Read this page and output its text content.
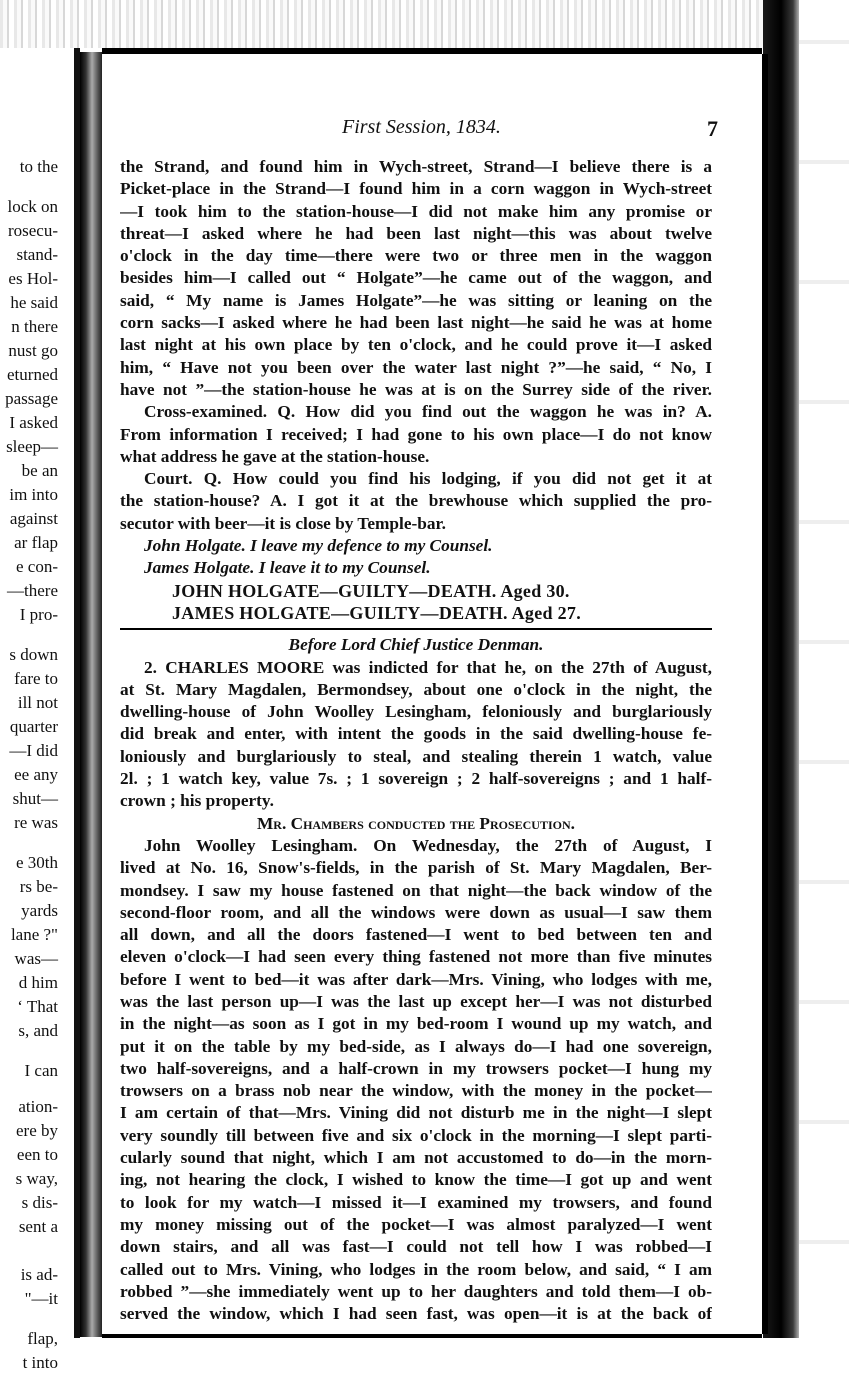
to the
lock on
rosecu-
stand-
es Hol-
he said
n there
nust go
eturned
passage
I asked
sleep—
be an
im into
against
ar flap
e con-
—there
I pro-
s down
fare to
ill not
quarter
—I did
ee any
shut—
re was
e 30th
rs be-
yards
lane ?"
was—
d him
‘ That
s, and
I can
ation-
ere by
een to
s way,
s dis-
sent a
is ad-
"—it
flap,
t into
First Session, 1834.	7
the Strand, and found him in Wych-street, Strand—I believe there is a
Picket-place in the Strand—I found him in a corn waggon in Wych-street
—I took him to the station-house—I did not make him any promise or
threat—I asked where he had been last night—this was about twelve
o'clock in the day time—there were two or three men in the waggon
besides him—I called out “ Holgate”—he came out of the waggon, and
said, “ My name is James Holgate”—he was sitting or leaning on the
corn sacks—I asked where he had been last night—he said he was at home
last night at his own place by ten o'clock, and he could prove it—I asked
him, “ Have not you been over the water last night ?”—he said, “ No, I
have not ”—the station-house he was at is on the Surrey side of the river.
Cross-examined. Q. How did you find out the waggon he was in? A.
From information I received; I had gone to his own place—I do not know
what address he gave at the station-house.
Court. Q. How could you find his lodging, if you did not get it at
the station-house? A. I got it at the brewhouse which supplied the pro-
secutor with beer—it is close by Temple-bar.
John Holgate. I leave my defence to my Counsel.
James Holgate. I leave it to my Counsel.
JOHN HOLGATE—GUILTY—DEATH. Aged 30.
JAMES HOLGATE—GUILTY—DEATH. Aged 27.
Before Lord Chief Justice Denman.
2. CHARLES MOORE was indicted for that he, on the 27th of August,
at St. Mary Magdalen, Bermondsey, about one o'clock in the night, the
dwelling-house of John Woolley Lesingham, feloniously and burglariously
did break and enter, with intent the goods in the said dwelling-house fe-
loniously and burglariously to steal, and stealing therein 1 watch, value
2l. ; 1 watch key, value 7s. ; 1 sovereign ; 2 half-sovereigns ; and 1 half-
crown ; his property.
Mr. Chambers conducted the Prosecution.
John Woolley Lesingham. On Wednesday, the 27th of August, I
lived at No. 16, Snow's-fields, in the parish of St. Mary Magdalen, Ber-
mondsey. I saw my house fastened on that night—the back window of the
second-floor room, and all the windows were down as usual—I saw them
all down, and all the doors fastened—I went to bed between ten and
eleven o'clock—I had seen every thing fastened not more than five minutes
before I went to bed—it was after dark—Mrs. Vining, who lodges with me,
was the last person up—I was the last up except her—I was not disturbed
in the night—as soon as I got in my bed-room I wound up my watch, and
put it on the table by my bed-side, as I always do—I had one sovereign,
two half-sovereigns, and a half-crown in my trowsers pocket—I hung my
trowsers on a brass nob near the window, with the money in the pocket—
I am certain of that—Mrs. Vining did not disturb me in the night—I slept
very soundly till between five and six o'clock in the morning—I slept parti-
cularly sound that night, which I am not accustomed to do—in the morn-
ing, not hearing the clock, I wished to know the time—I got up and went
to look for my watch—I missed it—I examined my trowsers, and found
my money missing out of the pocket—I was almost paralyzed—I went
down stairs, and all was fast—I could not tell how I was robbed—I
called out to Mrs. Vining, who lodges in the room below, and said, “ I am
robbed ”—she immediately went up to her daughters and told them—I ob-
served the window, which I had seen fast, was open—it is at the back of
